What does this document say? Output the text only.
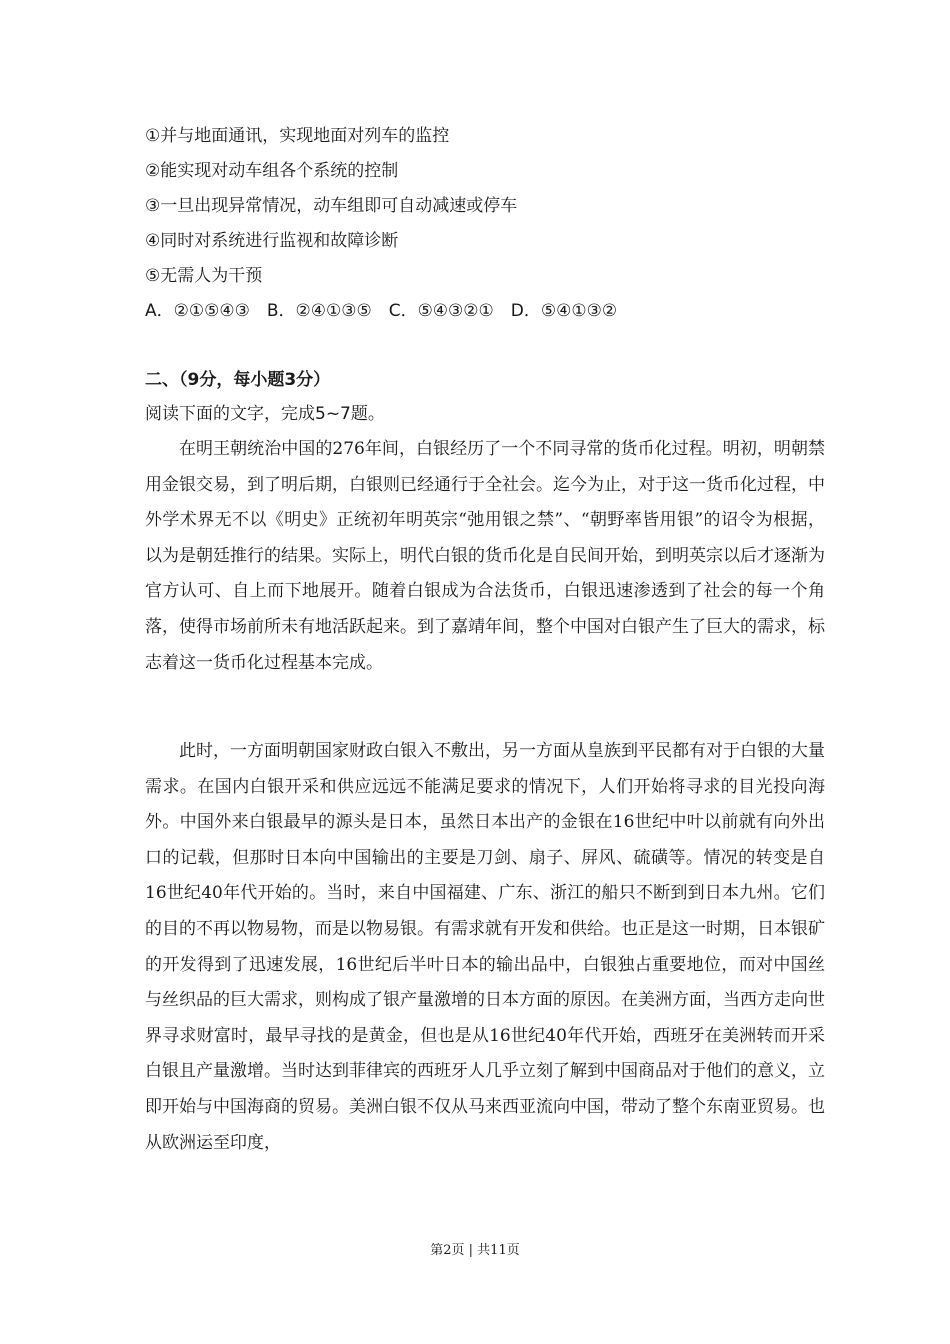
①并与地面通讯，实现地面对列车的监控
②能实现对动车组各个系统的控制
③一旦出现异常情况，动车组即可自动减速或停车
④同时对系统进行监视和故障诊断
⑤无需人为干预
A．②①⑤④③　B．②④①③⑤　C．⑤④③②①　D．⑤④①③②
二、（9分，每小题3分）
阅读下面的文字，完成5~7题。

在明王朝统治中国的276年间，白银经历了一个不同寻常的货币化过程。明初，明朝禁用金银交易，到了明后期，白银则已经通行于全社会。迄今为止，对于这一货币化过程，中外学术界无不以《明史》正统初年明英宗“弛用银之禁”、“朝野率皆用银”的诏令为根据，以为是朝廷推行的结果。实际上，明代白银的货币化是自民间开始，到明英宗以后才逐渐为官方认可、自上而下地展开。随着白银成为合法货币，白银迅速渗透到了社会的每一个角落，使得市场前所未有地活跃起来。到了嘉靖年间，整个中国对白银产生了巨大的需求，标志着这一货币化过程基本完成。

此时，一方面明朝国家财政白银入不敷出，另一方面从皇族到平民都有对于白银的大量需求。在国内白银开采和供应远远不能满足要求的情况下，人们开始将寻求的目光投向海外。中国外来白银最早的源头是日本，虽然日本出产的金银在16世纪中叶以前就有向外出口的记载，但那时日本向中国输出的主要是刀剑、扇子、屏风、硫磺等。情况的转变是自16世纪40年代开始的。当时，来自中国福建、广东、浙江的船只不断到到日本九州。它们的目的不再以物易物，而是以物易银。有需求就有开发和供给。也正是这一时期，日本银矿的开发得到了迅速发展，16世纪后半叶日本的输出品中，白银独占重要地位，而对中国丝与丝织品的巨大需求，则构成了银产量激增的日本方面的原因。在美洲方面，当西方走向世界寻求财富时，最早寻找的是黄金，但也是从16世纪40年代开始，西班牙在美洲转而开采白银且产量激增。当时达到菲律宾的西班牙人几乎立刻了解到中国商品对于他们的意义，立即开始与中国海商的贸易。美洲白银不仅从马来西亚流向中国，带动了整个东南亚贸易。也从欧洲运至印度，

第2页 | 共11页
